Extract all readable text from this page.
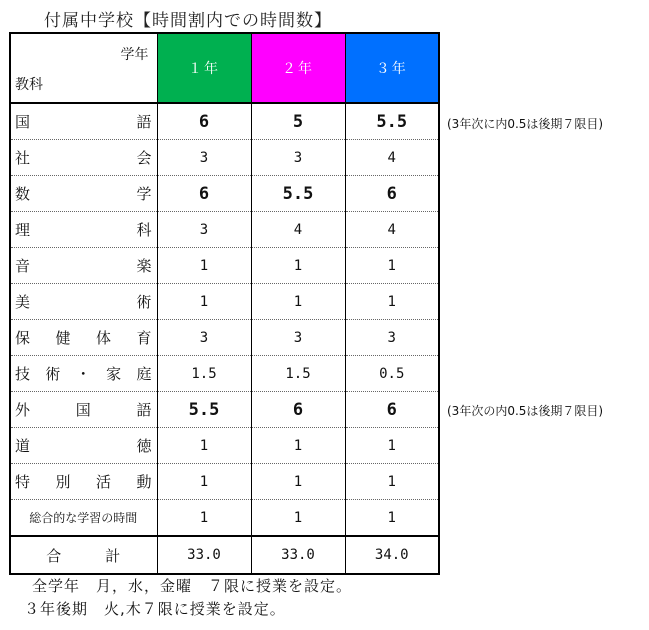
付属中学校【時間割内での時間数】
学年
教科	１年	２年	３年

国 語	6	5	5.5

社 会	3	3	4

数 学	6	5.5	6

理 科	3	4	4

音 楽	1	1	1

美 術	1	1	1

保 健 体 育	3	3	3

技 術 ・ 家 庭	1.5	1.5	0.5

外 国 語	5.5	6	6

道 徳	1	1	1

特 別 活 動	1	1	1

総合的な学習の時間	1	1	1

合 計	33.0	33.0	34.0
(3年次に内0.5は後期７限目)
(3年次の内0.5は後期７限目)
全学年　月，水，金曜　７限に授業を設定。
３年後期　火,木７限に授業を設定。
